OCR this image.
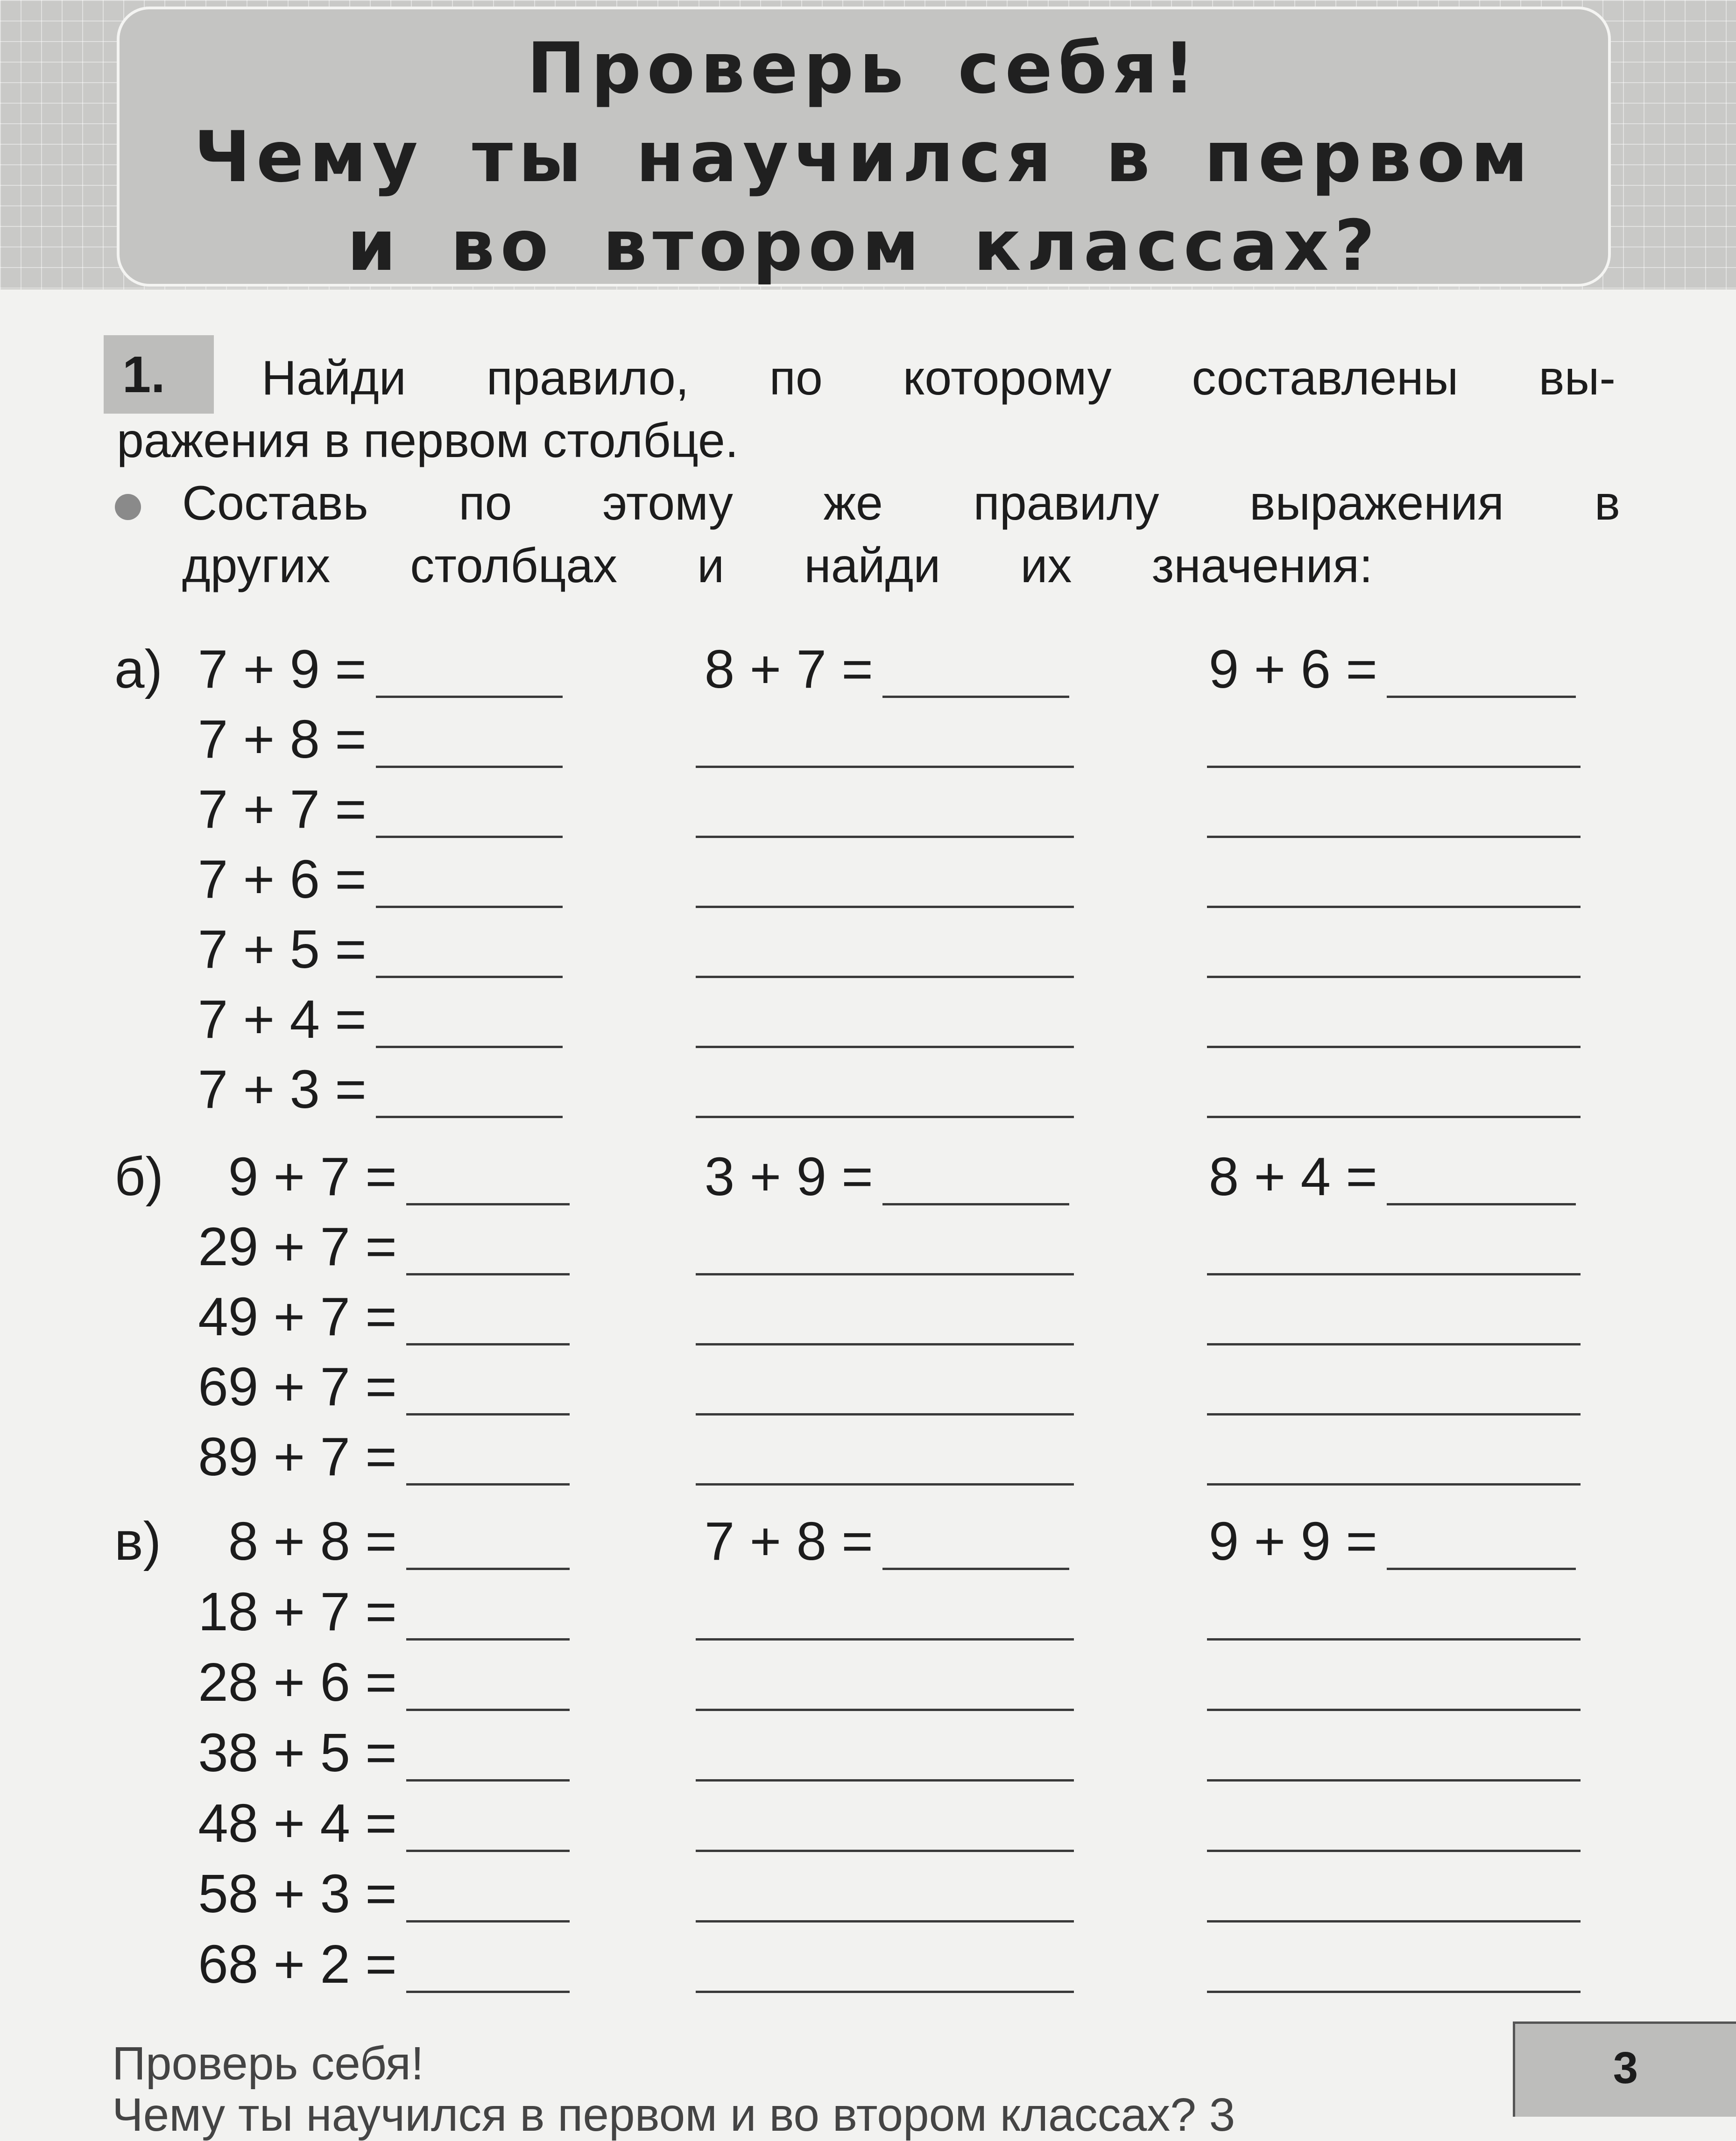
Проверь себя!
Чему ты научился в первом
и во втором классах?
1.	Найди правило, по которому составлены вы-
ражения в первом столбце.
Составь по этому же правилу выражения в
других столбцах и найди их значения:
а) 7 + 9 =	8 + 7 =	9 + 6 =
7 + 8 =
7 + 7 =
7 + 6 =
7 + 5 =
7 + 4 =
7 + 3 =
б)	9 + 7 =	3 + 9 =	8 + 4 =
29 + 7 =
49 + 7 =
69 + 7 =
89 + 7 =
в)	8 + 8 =	7 + 8 =	9 + 9 =
18 + 7 =
28 + 6 =
38 + 5 =
48 + 4 =
58 + 3 =
68 + 2 =
Проверь себя!
Чему ты научился в первом и во втором классах? 3
3
